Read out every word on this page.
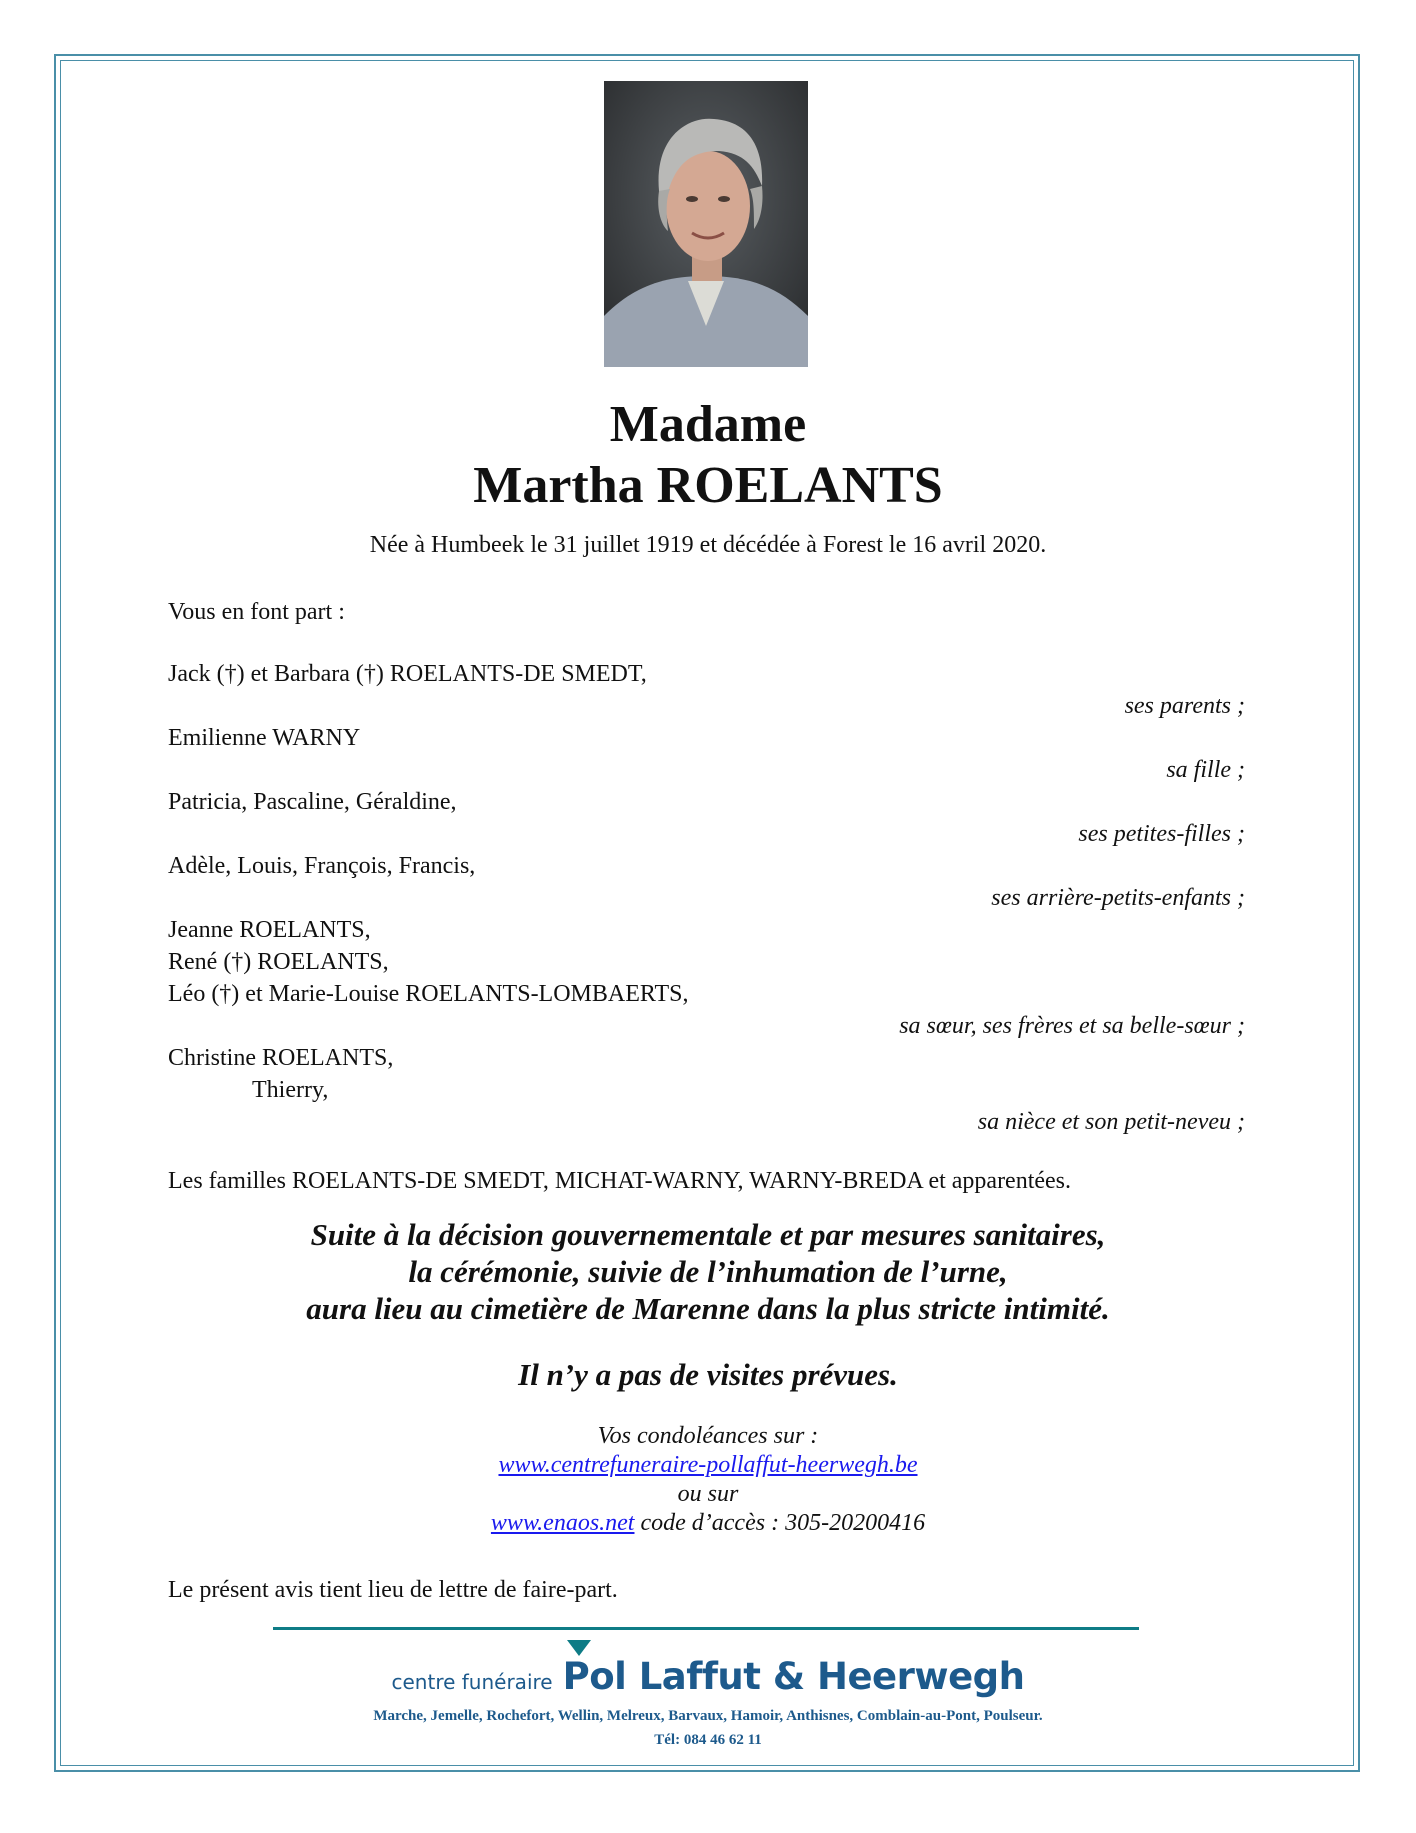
Madame
Martha ROELANTS
Née à Humbeek le 31 juillet 1919 et décédée à Forest le 16 avril 2020.
Vous en font part :
Jack (†) et Barbara (†) ROELANTS-DE SMEDT,
ses parents ;
Emilienne WARNY
sa fille ;
Patricia, Pascaline, Géraldine,
ses petites-filles ;
Adèle, Louis, François, Francis,
ses arrière-petits-enfants ;
Jeanne ROELANTS,
René (†) ROELANTS,
Léo (†) et Marie-Louise ROELANTS-LOMBAERTS,
sa sœur, ses frères et sa belle-sœur ;
Christine ROELANTS,
Thierry,
sa nièce et son petit-neveu ;
Les familles ROELANTS-DE SMEDT, MICHAT-WARNY, WARNY-BREDA et apparentées.
Suite à la décision gouvernementale et par mesures sanitaires,
la cérémonie, suivie de l’inhumation de l’urne,
aura lieu au cimetière de Marenne dans la plus stricte intimité.
Il n’y a pas de visites prévues.
Vos condoléances sur :
www.centrefuneraire-pollaffut-heerwegh.be
ou sur
www.enaos.net code d’accès : 305-20200416
Le présent avis tient lieu de lettre de faire-part.
centre funéraire Pol Laffut & Heerwegh
Marche, Jemelle, Rochefort, Wellin, Melreux, Barvaux, Hamoir, Anthisnes, Comblain-au-Pont, Poulseur.
Tél: 084 46 62 11
